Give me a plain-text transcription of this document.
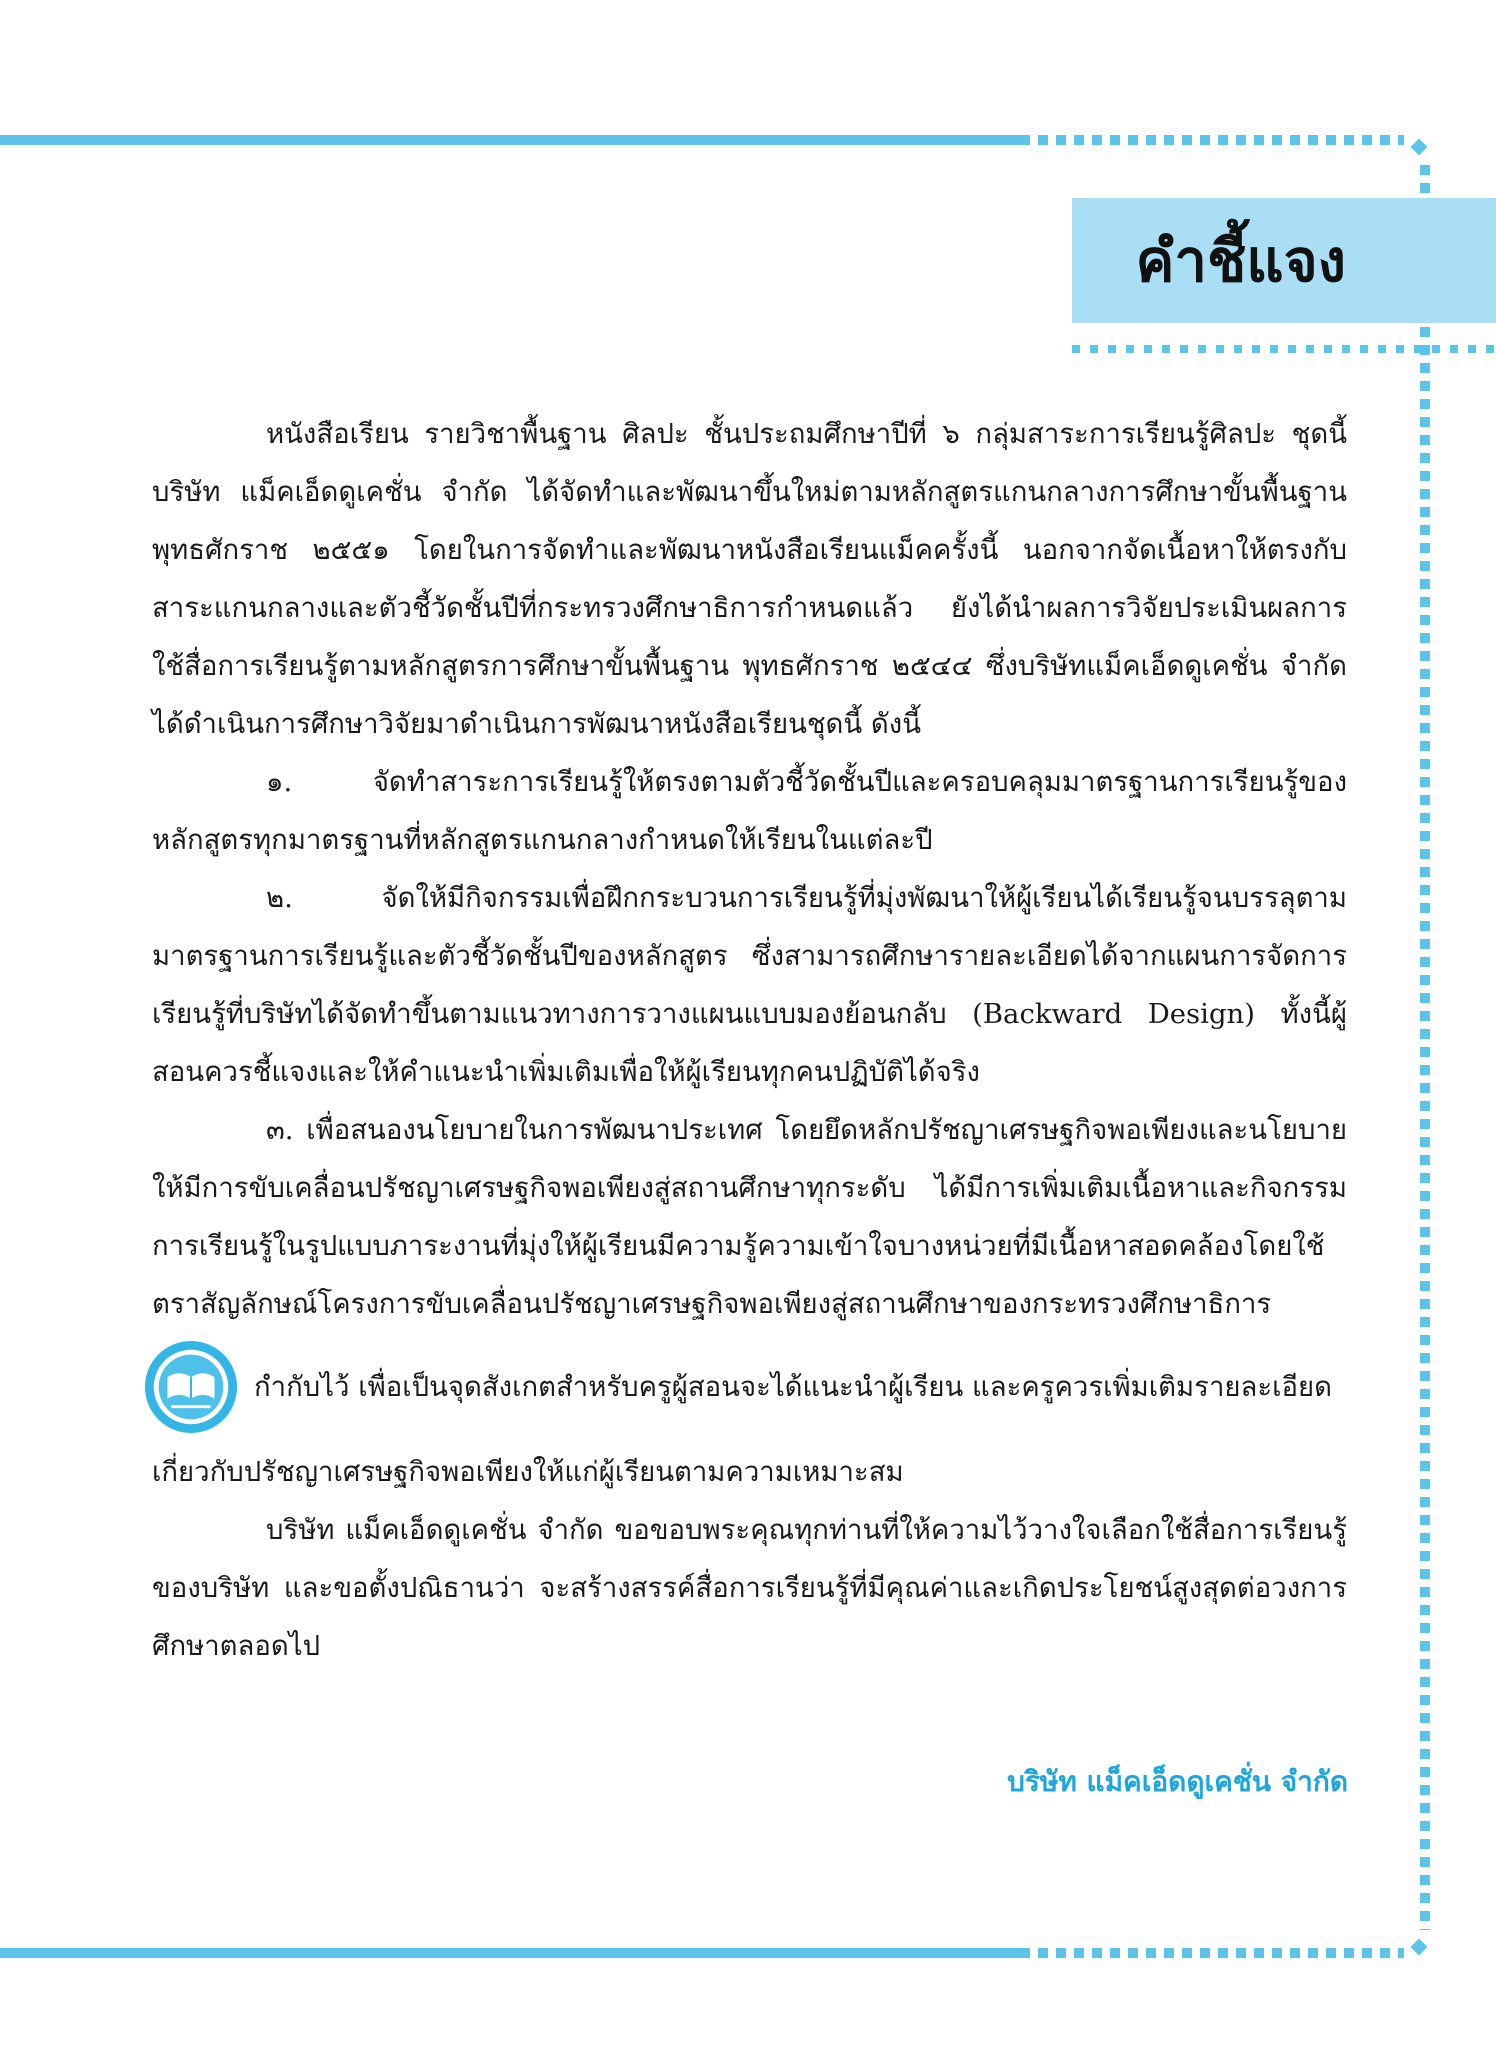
คำชี้แจง

หนังสือเรียน รายวิชาพื้นฐาน ศิลปะ ชั้นประถมศึกษาปีที่ ๖ กลุ่มสาระการเรียนรู้ศิลปะ ชุดนี้ บริษัท แม็คเอ็ดดูเคชั่น จำกัด ได้จัดทำและพัฒนาขึ้นใหม่ตามหลักสูตรแกนกลางการศึกษาขั้นพื้นฐาน พุทธศักราช ๒๕๕๑ โดยในการจัดทำและพัฒนาหนังสือเรียนแม็คครั้งนี้ นอกจากจัดเนื้อหาให้ตรงกับสาระแกนกลางและตัวชี้วัดชั้นปีที่กระทรวงศึกษาธิการกำหนดแล้ว ยังได้นำผลการวิจัยประเมินผลการใช้สื่อการเรียนรู้ตามหลักสูตรการศึกษาขั้นพื้นฐาน พุทธศักราช ๒๕๔๔ ซึ่งบริษัทแม็คเอ็ดดูเคชั่น จำกัด ได้ดำเนินการศึกษาวิจัยมาดำเนินการพัฒนาหนังสือเรียนชุดนี้ ดังนี้

๑. จัดทำสาระการเรียนรู้ให้ตรงตามตัวชี้วัดชั้นปีและครอบคลุมมาตรฐานการเรียนรู้ของหลักสูตรทุกมาตรฐานที่หลักสูตรแกนกลางกำหนดให้เรียนในแต่ละปี

๒. จัดให้มีกิจกรรมเพื่อฝึกกระบวนการเรียนรู้ที่มุ่งพัฒนาให้ผู้เรียนได้เรียนรู้จนบรรลุตามมาตรฐานการเรียนรู้และตัวชี้วัดชั้นปีของหลักสูตร ซึ่งสามารถศึกษารายละเอียดได้จากแผนการจัดการเรียนรู้ที่บริษัทได้จัดทำขึ้นตามแนวทางการวางแผนแบบมองย้อนกลับ (Backward Design) ทั้งนี้ผู้สอนควรชี้แจงและให้คำแนะนำเพิ่มเติมเพื่อให้ผู้เรียนทุกคนปฏิบัติได้จริง

๓. เพื่อสนองนโยบายในการพัฒนาประเทศ โดยยึดหลักปรัชญาเศรษฐกิจพอเพียงและนโยบายให้มีการขับเคลื่อนปรัชญาเศรษฐกิจพอเพียงสู่สถานศึกษาทุกระดับ ได้มีการเพิ่มเติมเนื้อหาและกิจกรรมการเรียนรู้ในรูปแบบภาระงานที่มุ่งให้ผู้เรียนมีความรู้ความเข้าใจบางหน่วยที่มีเนื้อหาสอดคล้องโดยใช้ตราสัญลักษณ์โครงการขับเคลื่อนปรัชญาเศรษฐกิจพอเพียงสู่สถานศึกษาของกระทรวงศึกษาธิการ

กำกับไว้ เพื่อเป็นจุดสังเกตสำหรับครูผู้สอนจะได้แนะนำผู้เรียน และครูควรเพิ่มเติมรายละเอียด

เกี่ยวกับปรัชญาเศรษฐกิจพอเพียงให้แก่ผู้เรียนตามความเหมาะสม

บริษัท แม็คเอ็ดดูเคชั่น จำกัด ขอขอบพระคุณทุกท่านที่ให้ความไว้วางใจเลือกใช้สื่อการเรียนรู้ของบริษัท และขอตั้งปณิธานว่า จะสร้างสรรค์สื่อการเรียนรู้ที่มีคุณค่าและเกิดประโยชน์สูงสุดต่อวงการศึกษาตลอดไป

บริษัท แม็คเอ็ดดูเคชั่น จำกัด
